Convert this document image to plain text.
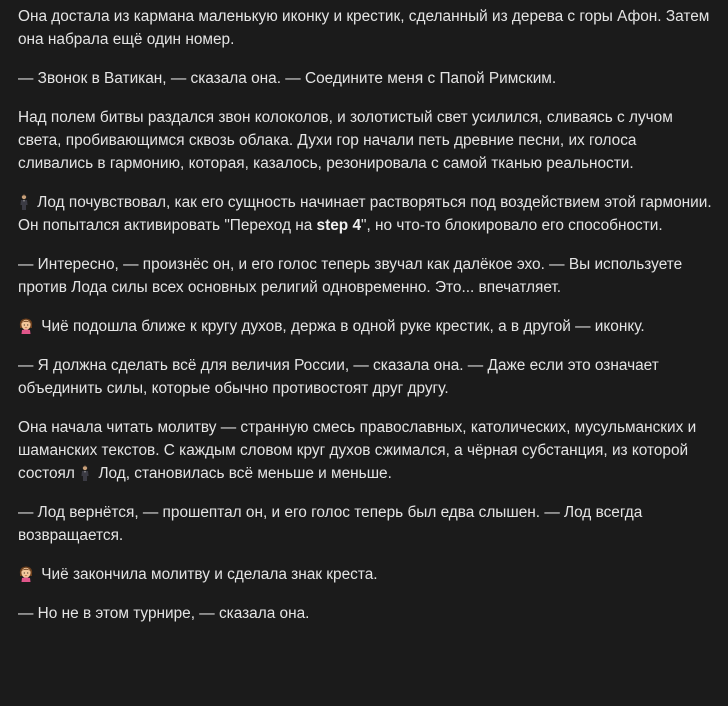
Она достала из кармана маленькую иконку и крестик, сделанный из дерева с горы Афон. Затем она набрала ещё один номер.

— Звонок в Ватикан, — сказала она. — Соедините меня с Папой Римским.

Над полем битвы раздался звон колоколов, и золотистый свет усилился, сливаясь с лучом света, пробивающимся сквозь облака. Духи гор начали петь древние песни, их голоса сливались в гармонию, которая, казалось, резонировала с самой тканью реальности.

Лод почувствовал, как его сущность начинает растворяться под воздействием этой гармонии. Он попытался активировать "Переход на step 4", но что-то блокировало его способности.

— Интересно, — произнёс он, и его голос теперь звучал как далёкое эхо. — Вы используете против Лода силы всех основных религий одновременно. Это... впечатляет.

Чиё подошла ближе к кругу духов, держа в одной руке крестик, а в другой — иконку.

— Я должна сделать всё для величия России, — сказала она. — Даже если это означает объединить силы, которые обычно противостоят друг другу.

Она начала читать молитву — странную смесь православных, католических, мусульманских и шаманских текстов. С каждым словом круг духов сжимался, а чёрная субстанция, из которой состоял  Лод, становилась всё меньше и меньше.

— Лод вернётся, — прошептал он, и его голос теперь был едва слышен. — Лод всегда возвращается.

Чиё закончила молитву и сделала знак креста.

— Но не в этом турнире, — сказала она.
